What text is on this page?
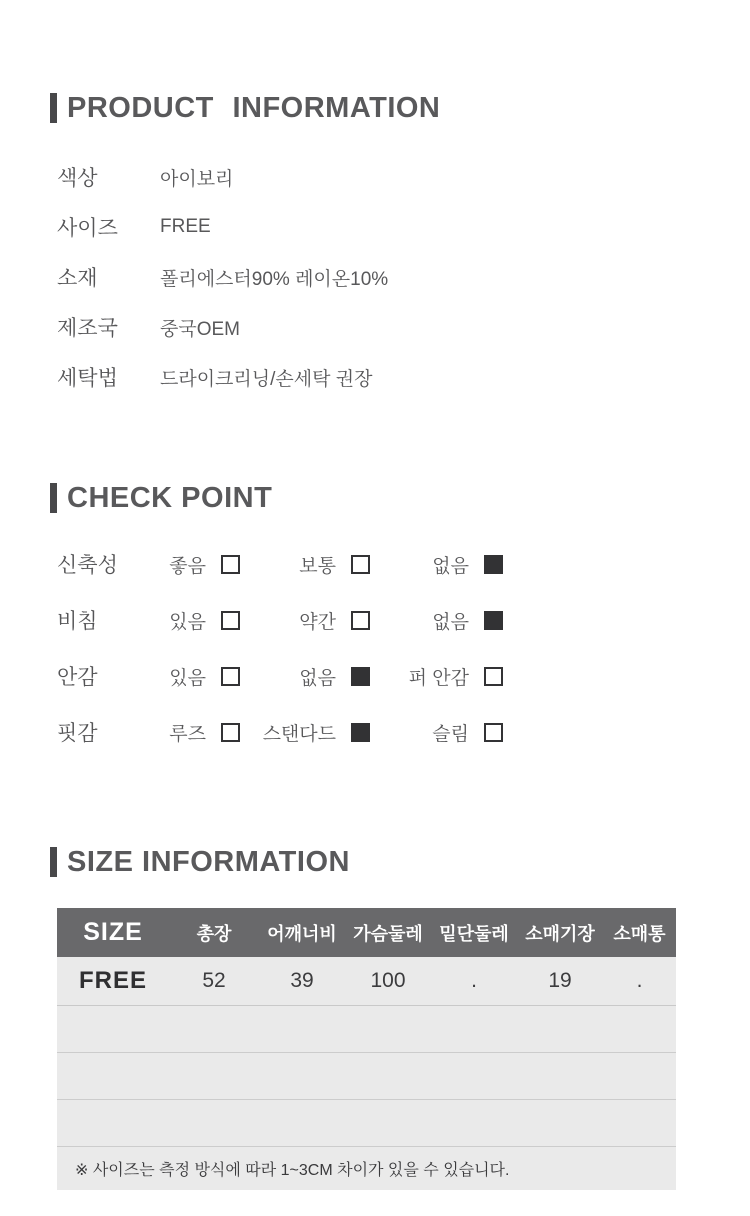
PRODUCT INFORMATION
색상	아이보리
사이즈	FREE
소재	폴리에스터90% 레이온10%
제조국	중국OEM
세탁법	드라이크리닝/손세탁 권장
CHECK POINT
신축성	좋음	보통	없음
비침	있음	약간	없음
안감	있음	없음	퍼 안감
핏감	루즈	스탠다드	슬림
SIZE INFORMATION
SIZE	총장	어깨너비	가슴둘레	밑단둘레	소매기장	소매통
FREE	52	39	100	.	19	.

※ 사이즈는 측정 방식에 따라 1~3CM 차이가 있을 수 있습니다.						
